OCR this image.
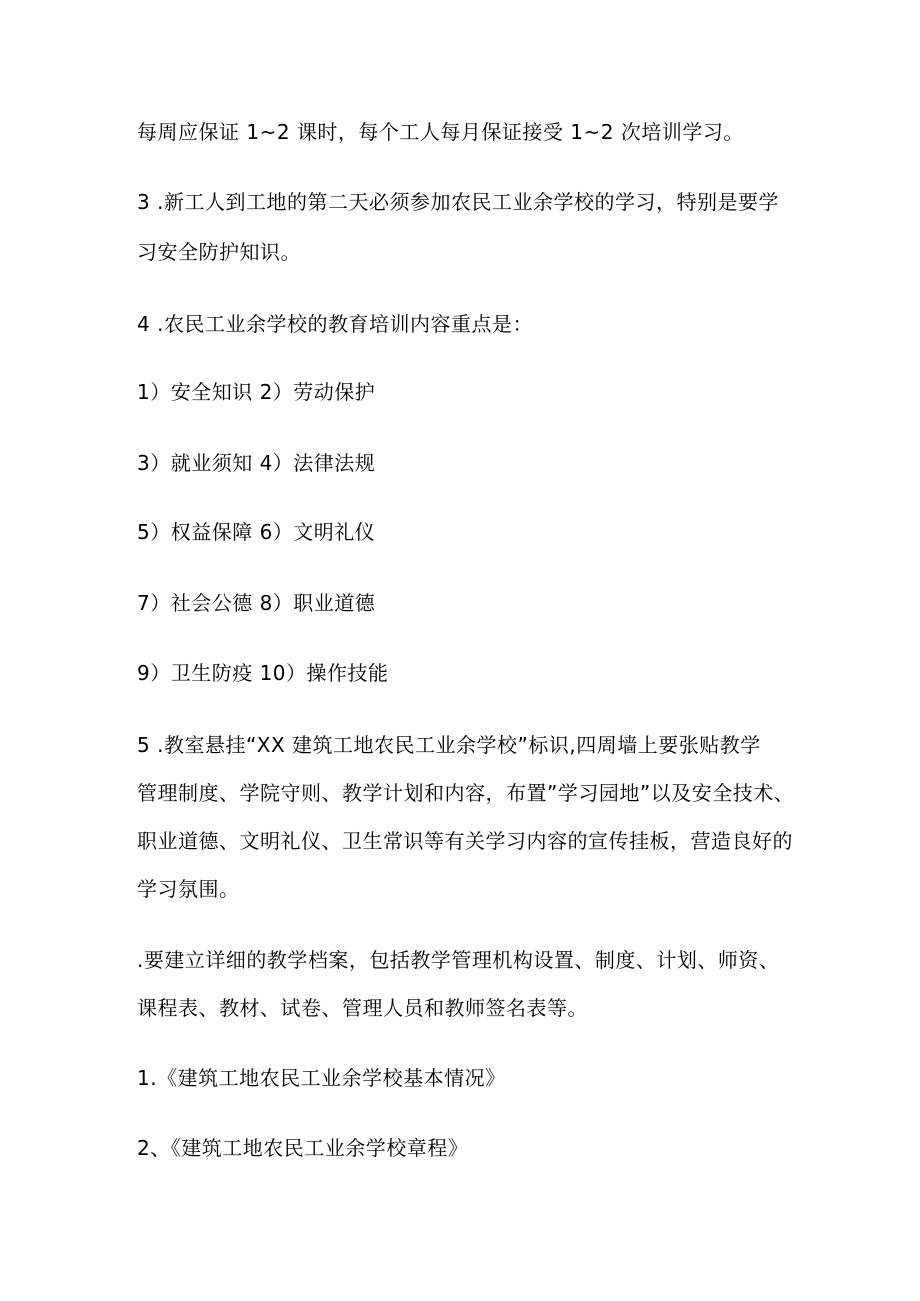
每周应保证 1~2 课时，每个工人每月保证接受 1~2 次培训学习。
3 .新工人到工地的第二天必须参加农民工业余学校的学习，特别是要学
习安全防护知识。
4 .农民工业余学校的教育培训内容重点是：
1）安全知识 2）劳动保护
3）就业须知 4）法律法规
5）权益保障 6）文明礼仪
7）社会公德 8）职业道德
9）卫生防疫 10）操作技能
5 .教室悬挂“XX 建筑工地农民工业余学校”标识,四周墙上要张贴教学
管理制度、学院守则、教学计划和内容，布置”学习园地”以及安全技术、
职业道德、文明礼仪、卫生常识等有关学习内容的宣传挂板，营造良好的
学习氛围。
.要建立详细的教学档案，包括教学管理机构设置、制度、计划、师资、
课程表、教材、试卷、管理人员和教师签名表等。
1.《建筑工地农民工业余学校基本情况》
2、《建筑工地农民工业余学校章程》
